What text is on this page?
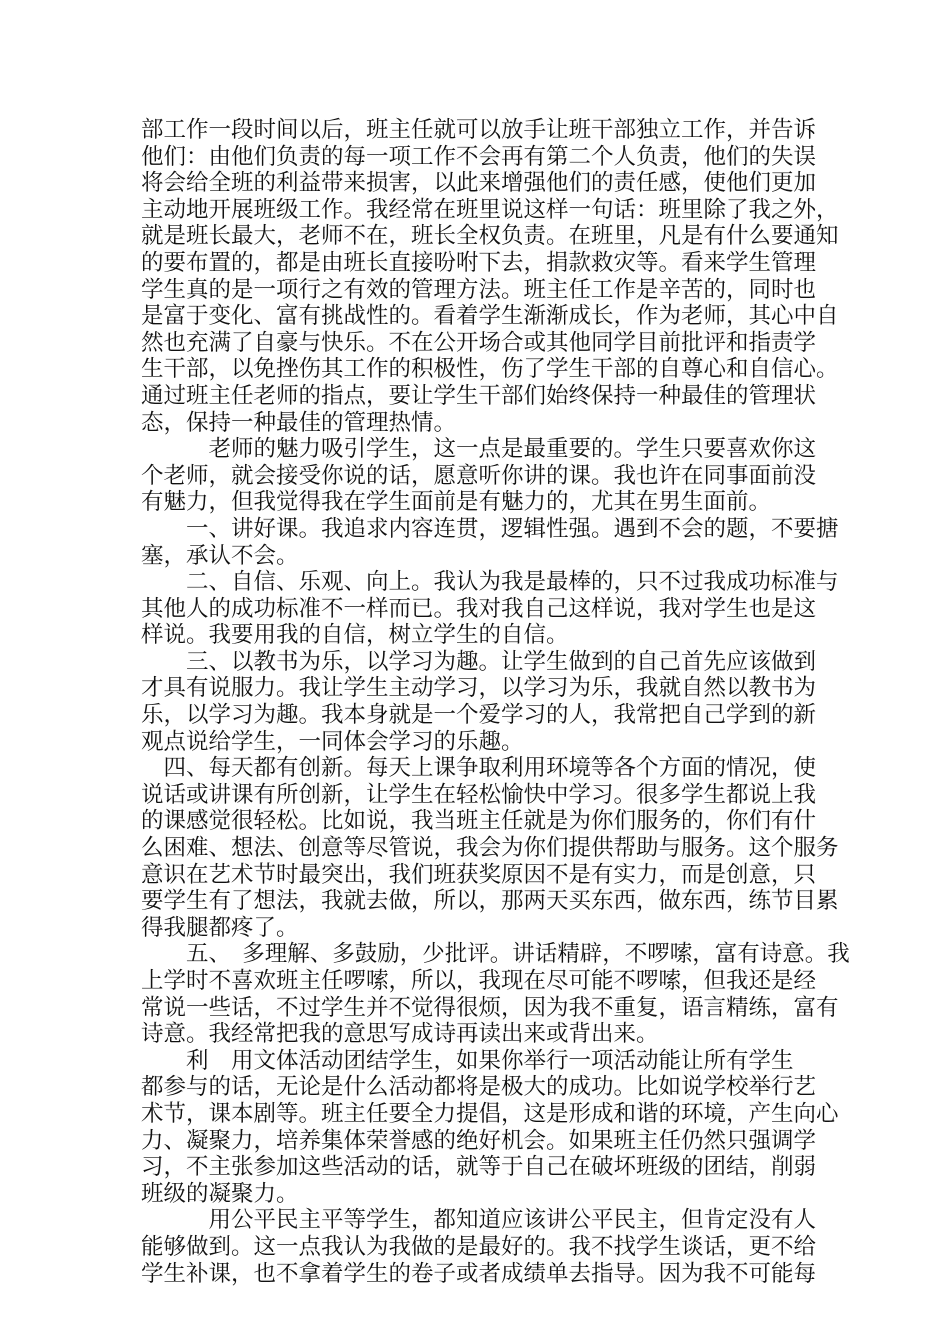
部工作一段时间以后，班主任就可以放手让班干部独立工作，并告诉
他们：由他们负责的每一项工作不会再有第二个人负责，他们的失误
将会给全班的利益带来损害，以此来增强他们的责任感，使他们更加
主动地开展班级工作。我经常在班里说这样一句话：班里除了我之外，
就是班长最大，老师不在，班长全权负责。在班里，凡是有什么要通知
的要布置的，都是由班长直接吩咐下去，捐款救灾等。看来学生管理
学生真的是一项行之有效的管理方法。班主任工作是辛苦的，同时也
是富于变化、富有挑战性的。看着学生渐渐成长，作为老师，其心中自
然也充满了自豪与快乐。不在公开场合或其他同学目前批评和指责学
生干部，以免挫伤其工作的积极性，伤了学生干部的自尊心和自信心。
通过班主任老师的指点，要让学生干部们始终保持一种最佳的管理状
态，保持一种最佳的管理热情。
　　　老师的魅力吸引学生，这一点是最重要的。学生只要喜欢你这
个老师，就会接受你说的话，愿意听你讲的课。我也许在同事面前没
有魅力，但我觉得我在学生面前是有魅力的，尤其在男生面前。
　　一、讲好课。我追求内容连贯，逻辑性强。遇到不会的题，不要搪
塞，承认不会。
　　二、自信、乐观、向上。我认为我是最棒的，只不过我成功标准与
其他人的成功标准不一样而已。我对我自己这样说，我对学生也是这
样说。我要用我的自信，树立学生的自信。
　　三、以教书为乐，以学习为趣。让学生做到的自己首先应该做到
才具有说服力。我让学生主动学习，以学习为乐，我就自然以教书为
乐，以学习为趣。我本身就是一个爱学习的人，我常把自己学到的新
观点说给学生，一同体会学习的乐趣。
　四、每天都有创新。每天上课争取利用环境等各个方面的情况，使
说话或讲课有所创新，让学生在轻松愉快中学习。很多学生都说上我
的课感觉很轻松。比如说，我当班主任就是为你们服务的，你们有什
么困难、想法、创意等尽管说，我会为你们提供帮助与服务。这个服务
意识在艺术节时最突出，我们班获奖原因不是有实力，而是创意，只
要学生有了想法，我就去做，所以，那两天买东西，做东西，练节目累
得我腿都疼了。
　　五、　多理解、多鼓励，少批评。讲话精辟，不啰嗦，富有诗意。我
上学时不喜欢班主任啰嗦，所以，我现在尽可能不啰嗦，但我还是经
常说一些话，不过学生并不觉得很烦，因为我不重复，语言精练，富有
诗意。我经常把我的意思写成诗再读出来或背出来。
　　利　用文体活动团结学生，如果你举行一项活动能让所有学生
都参与的话，无论是什么活动都将是极大的成功。比如说学校举行艺
术节，课本剧等。班主任要全力提倡，这是形成和谐的环境，产生向心
力、凝聚力，培养集体荣誉感的绝好机会。如果班主任仍然只强调学
习，不主张参加这些活动的话，就等于自己在破坏班级的团结，削弱
班级的凝聚力。
　　　用公平民主平等学生，都知道应该讲公平民主，但肯定没有人
能够做到。这一点我认为我做的是最好的。我不找学生谈话，更不给
学生补课，也不拿着学生的卷子或者成绩单去指导。因为我不可能每
